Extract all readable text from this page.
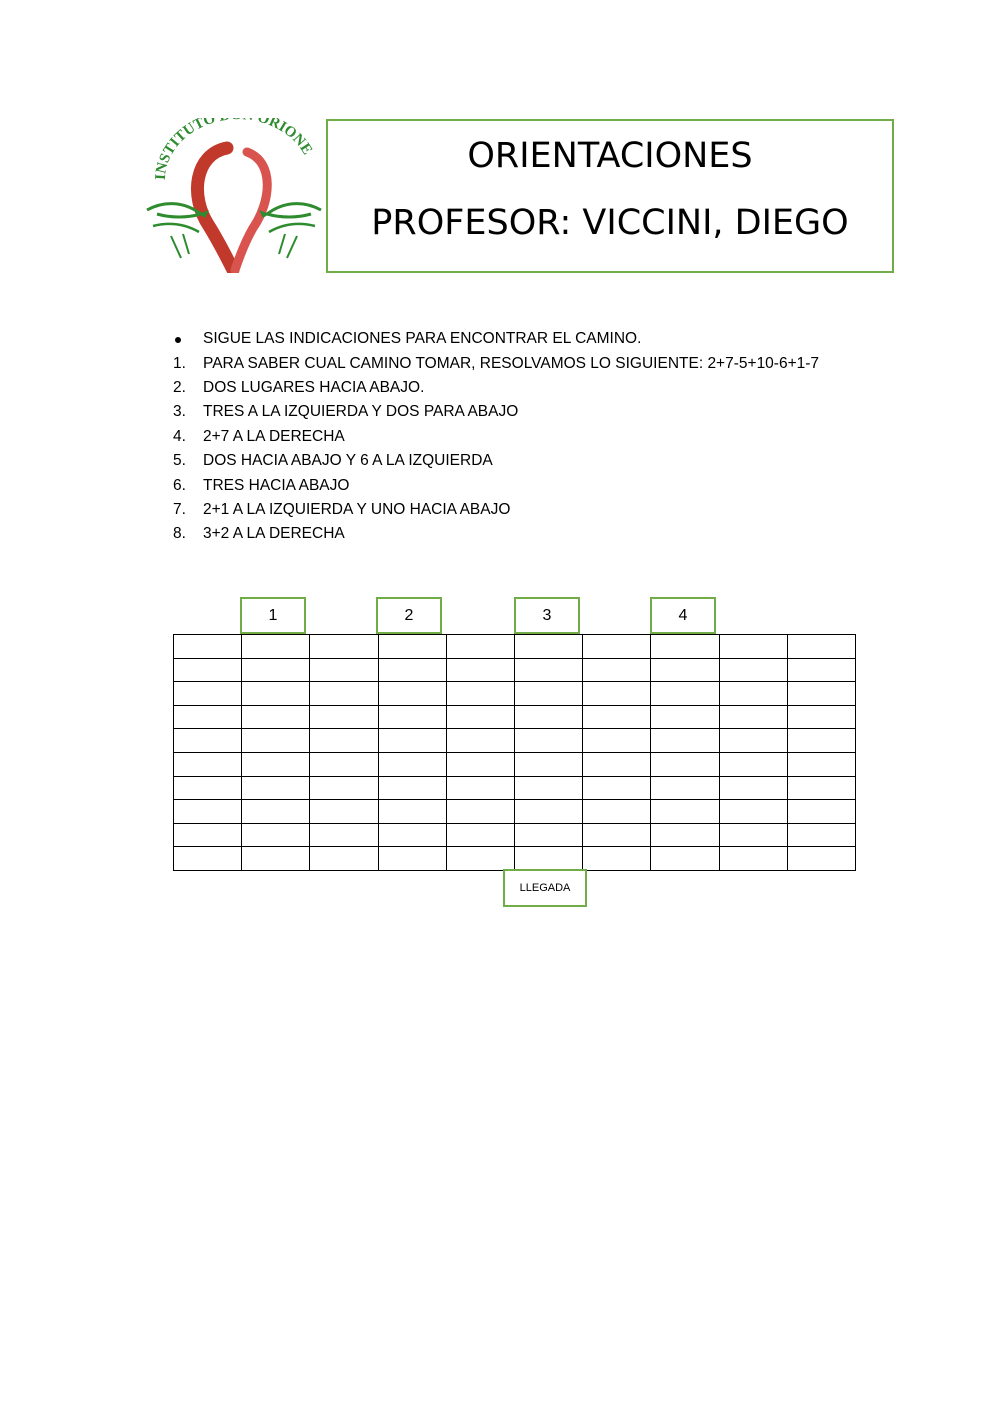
INSTITUTO ORIONE	ORIENTACIONES
PROFESOR: VICCINI, DIEGO
SIGUE LAS INDICACIONES PARA ENCONTRAR EL CAMINO.
1.	PARA SABER CUAL CAMINO TOMAR, RESOLVAMOS LO SIGUIENTE: 2+7-5+10-6+1-7
2.	DOS LUGARES HACIA ABAJO.
3.	TRES A LA IZQUIERDA Y DOS PARA ABAJO
4.	2+7 A LA DERECHA
5.	DOS HACIA ABAJO Y 6 A LA IZQUIERDA
6.	TRES HACIA ABAJO
7.	2+1 A LA IZQUIERDA Y UNO HACIA ABAJO
8.	3+2 A LA DERECHA
1	2	3	4

LLEGADA
